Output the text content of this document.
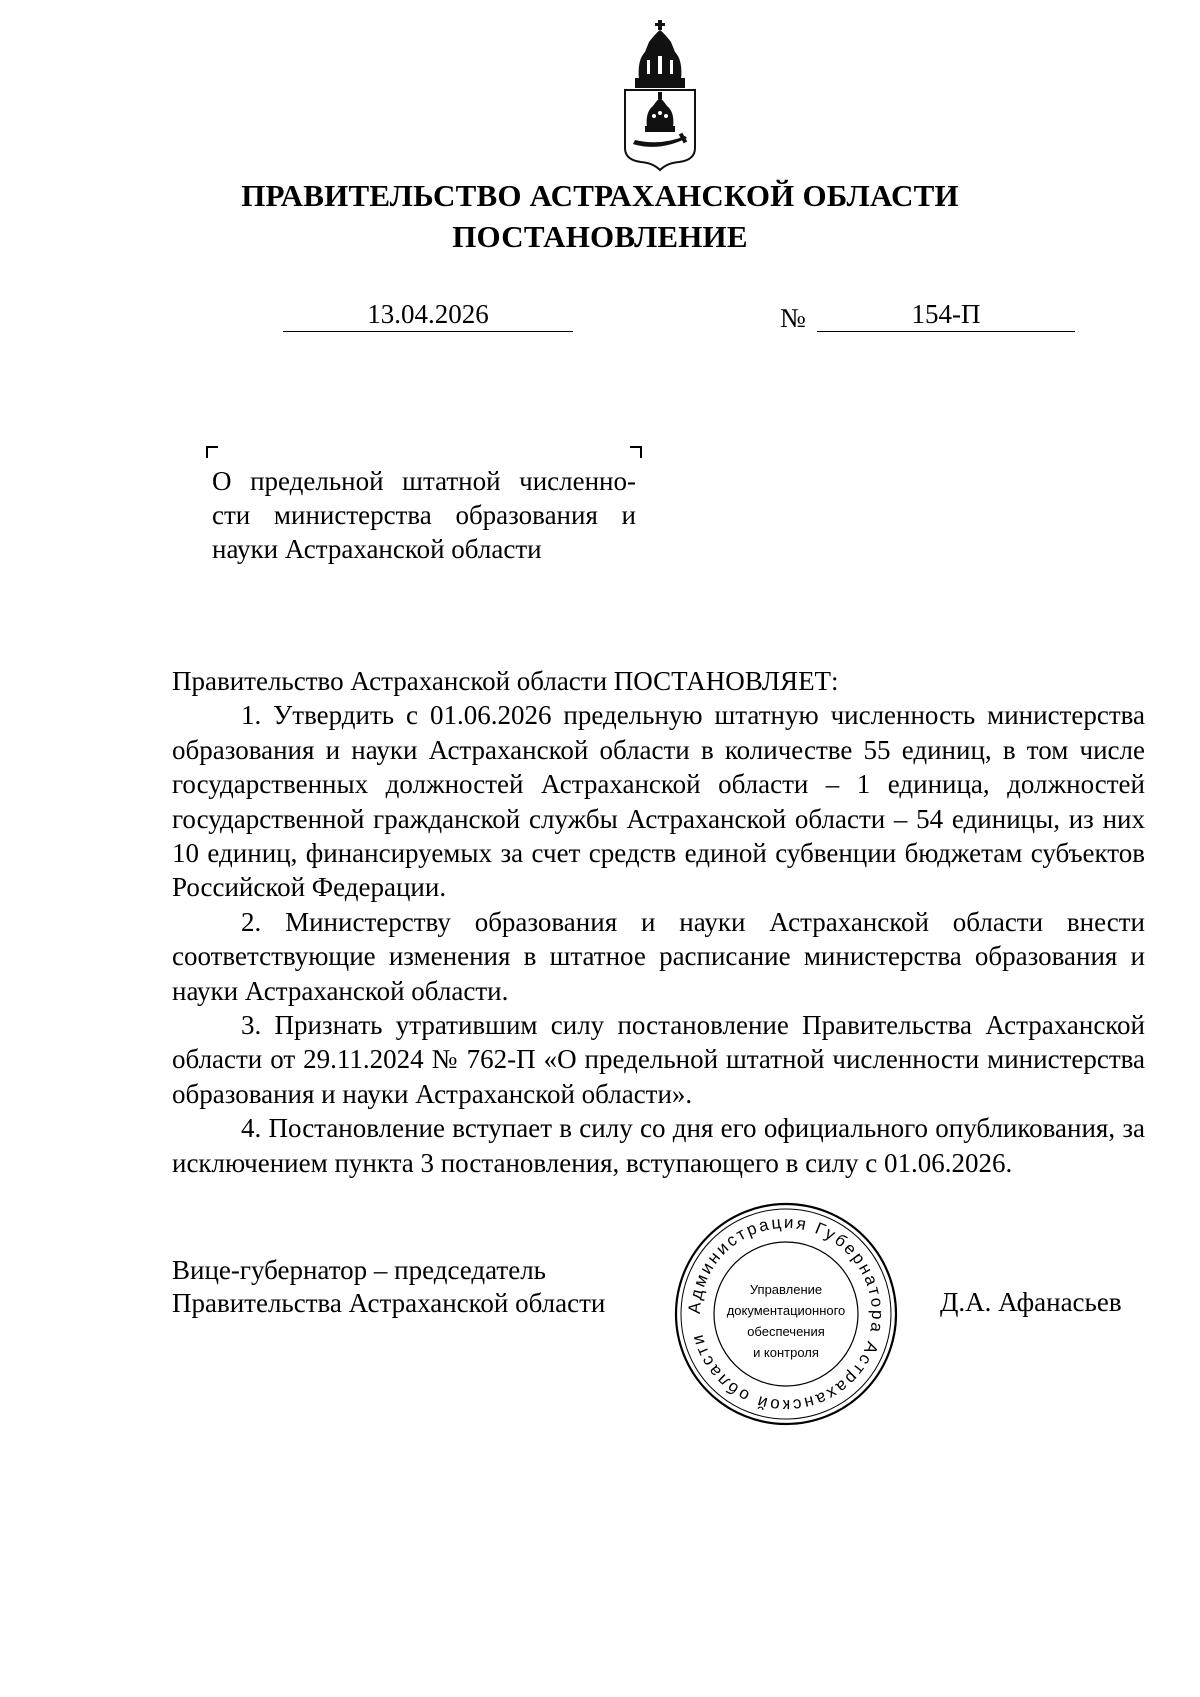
ПРАВИТЕЛЬСТВО АСТРАХАНСКОЙ ОБЛАСТИ
ПОСТАНОВЛЕНИЕ
13.04.2026	№	154-П
О предельной штатной численно-
сти министерства образования и
науки Астраханской области

Правительство Астраханской области ПОСТАНОВЛЯЕТ:

1. Утвердить с 01.06.2026 предельную штатную численность министерства образования и науки Астраханской области в количестве 55 единиц, в том числе государственных должностей Астраханской области – 1 единица, должностей государственной гражданской службы Астраханской области – 54 единицы, из них 10 единиц, финансируемых за счет средств единой субвенции бюджетам субъектов Российской Федерации.

2. Министерству образования и науки Астраханской области внести соответствующие изменения в штатное расписание министерства образования и науки Астраханской области.

3. Признать утратившим силу постановление Правительства Астраханской области от 29.11.2024 № 762-П «О предельной штатной численности министерства образования и науки Астраханской области».

4. Постановление вступает в силу со дня его официального опубликования, за исключением пункта 3 постановления, вступающего в силу с 01.06.2026.

Вице-губернатор – председатель
Правительства Астраханской области	Д.А. Афанасьев
Администрация Губернатора Астраханской области
Управление
документационного
обеспечения
и контроля
